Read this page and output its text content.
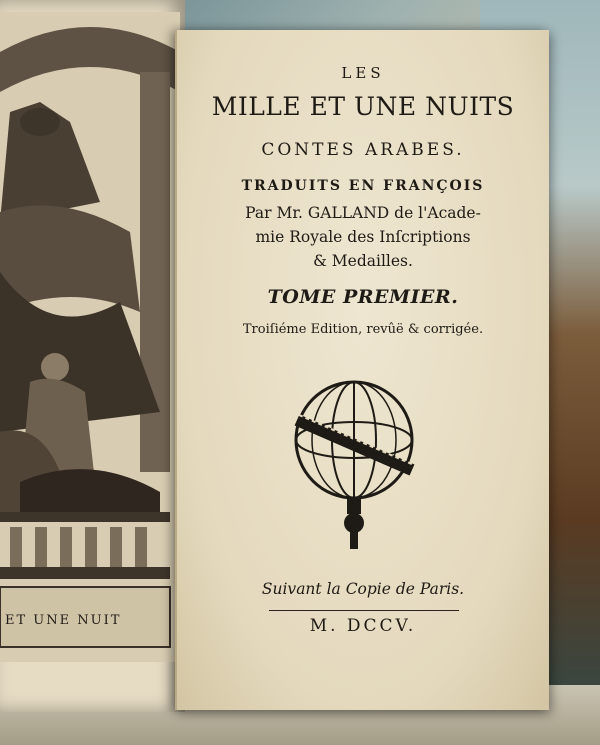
ET UNE NUIT
LES
MILLE ET UNE NUITS
CONTES ARABES.
TRADUITS EN FRANÇOIS
Par Mr. GALLAND de l'Acade-
mie Royale des Inſcriptions
& Medailles.
TOME PREMIER.
Troiſiéme Edition, revûë & corrigée.
Suivant la Copie de Paris.
M. DCCV.
